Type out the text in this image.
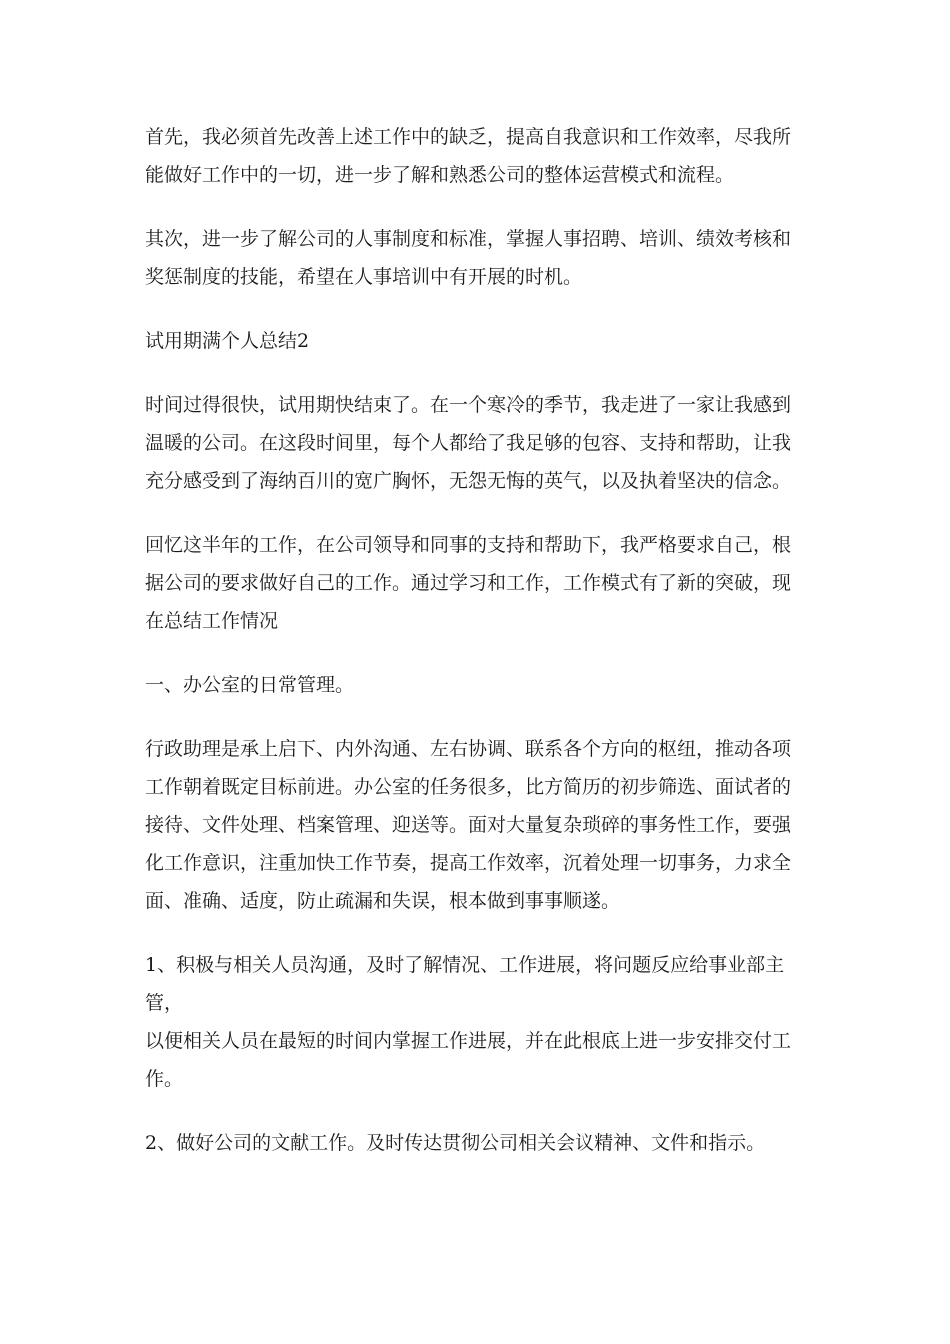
首先，我必须首先改善上述工作中的缺乏，提高自我意识和工作效率，尽我所
能做好工作中的一切，进一步了解和熟悉公司的整体运营模式和流程。

其次，进一步了解公司的人事制度和标准，掌握人事招聘、培训、绩效考核和
奖惩制度的技能，希望在人事培训中有开展的时机。

试用期满个人总结2

时间过得很快，试用期快结束了。在一个寒冷的季节，我走进了一家让我感到
温暖的公司。在这段时间里，每个人都给了我足够的包容、支持和帮助，让我
充分感受到了海纳百川的宽广胸怀，无怨无悔的英气，以及执着坚决的信念。

回忆这半年的工作，在公司领导和同事的支持和帮助下，我严格要求自己，根
据公司的要求做好自己的工作。通过学习和工作，工作模式有了新的突破，现
在总结工作情况

一、办公室的日常管理。

行政助理是承上启下、内外沟通、左右协调、联系各个方向的枢纽，推动各项
工作朝着既定目标前进。办公室的任务很多，比方简历的初步筛选、面试者的
接待、文件处理、档案管理、迎送等。面对大量复杂琐碎的事务性工作，要强
化工作意识，注重加快工作节奏，提高工作效率，沉着处理一切事务，力求全
面、准确、适度，防止疏漏和失误，根本做到事事顺遂。

1、积极与相关人员沟通，及时了解情况、工作进展，将问题反应给事业部主管，
以便相关人员在最短的时间内掌握工作进展，并在此根底上进一步安排交付工
作。

2、做好公司的文献工作。及时传达贯彻公司相关会议精神、文件和指示。
